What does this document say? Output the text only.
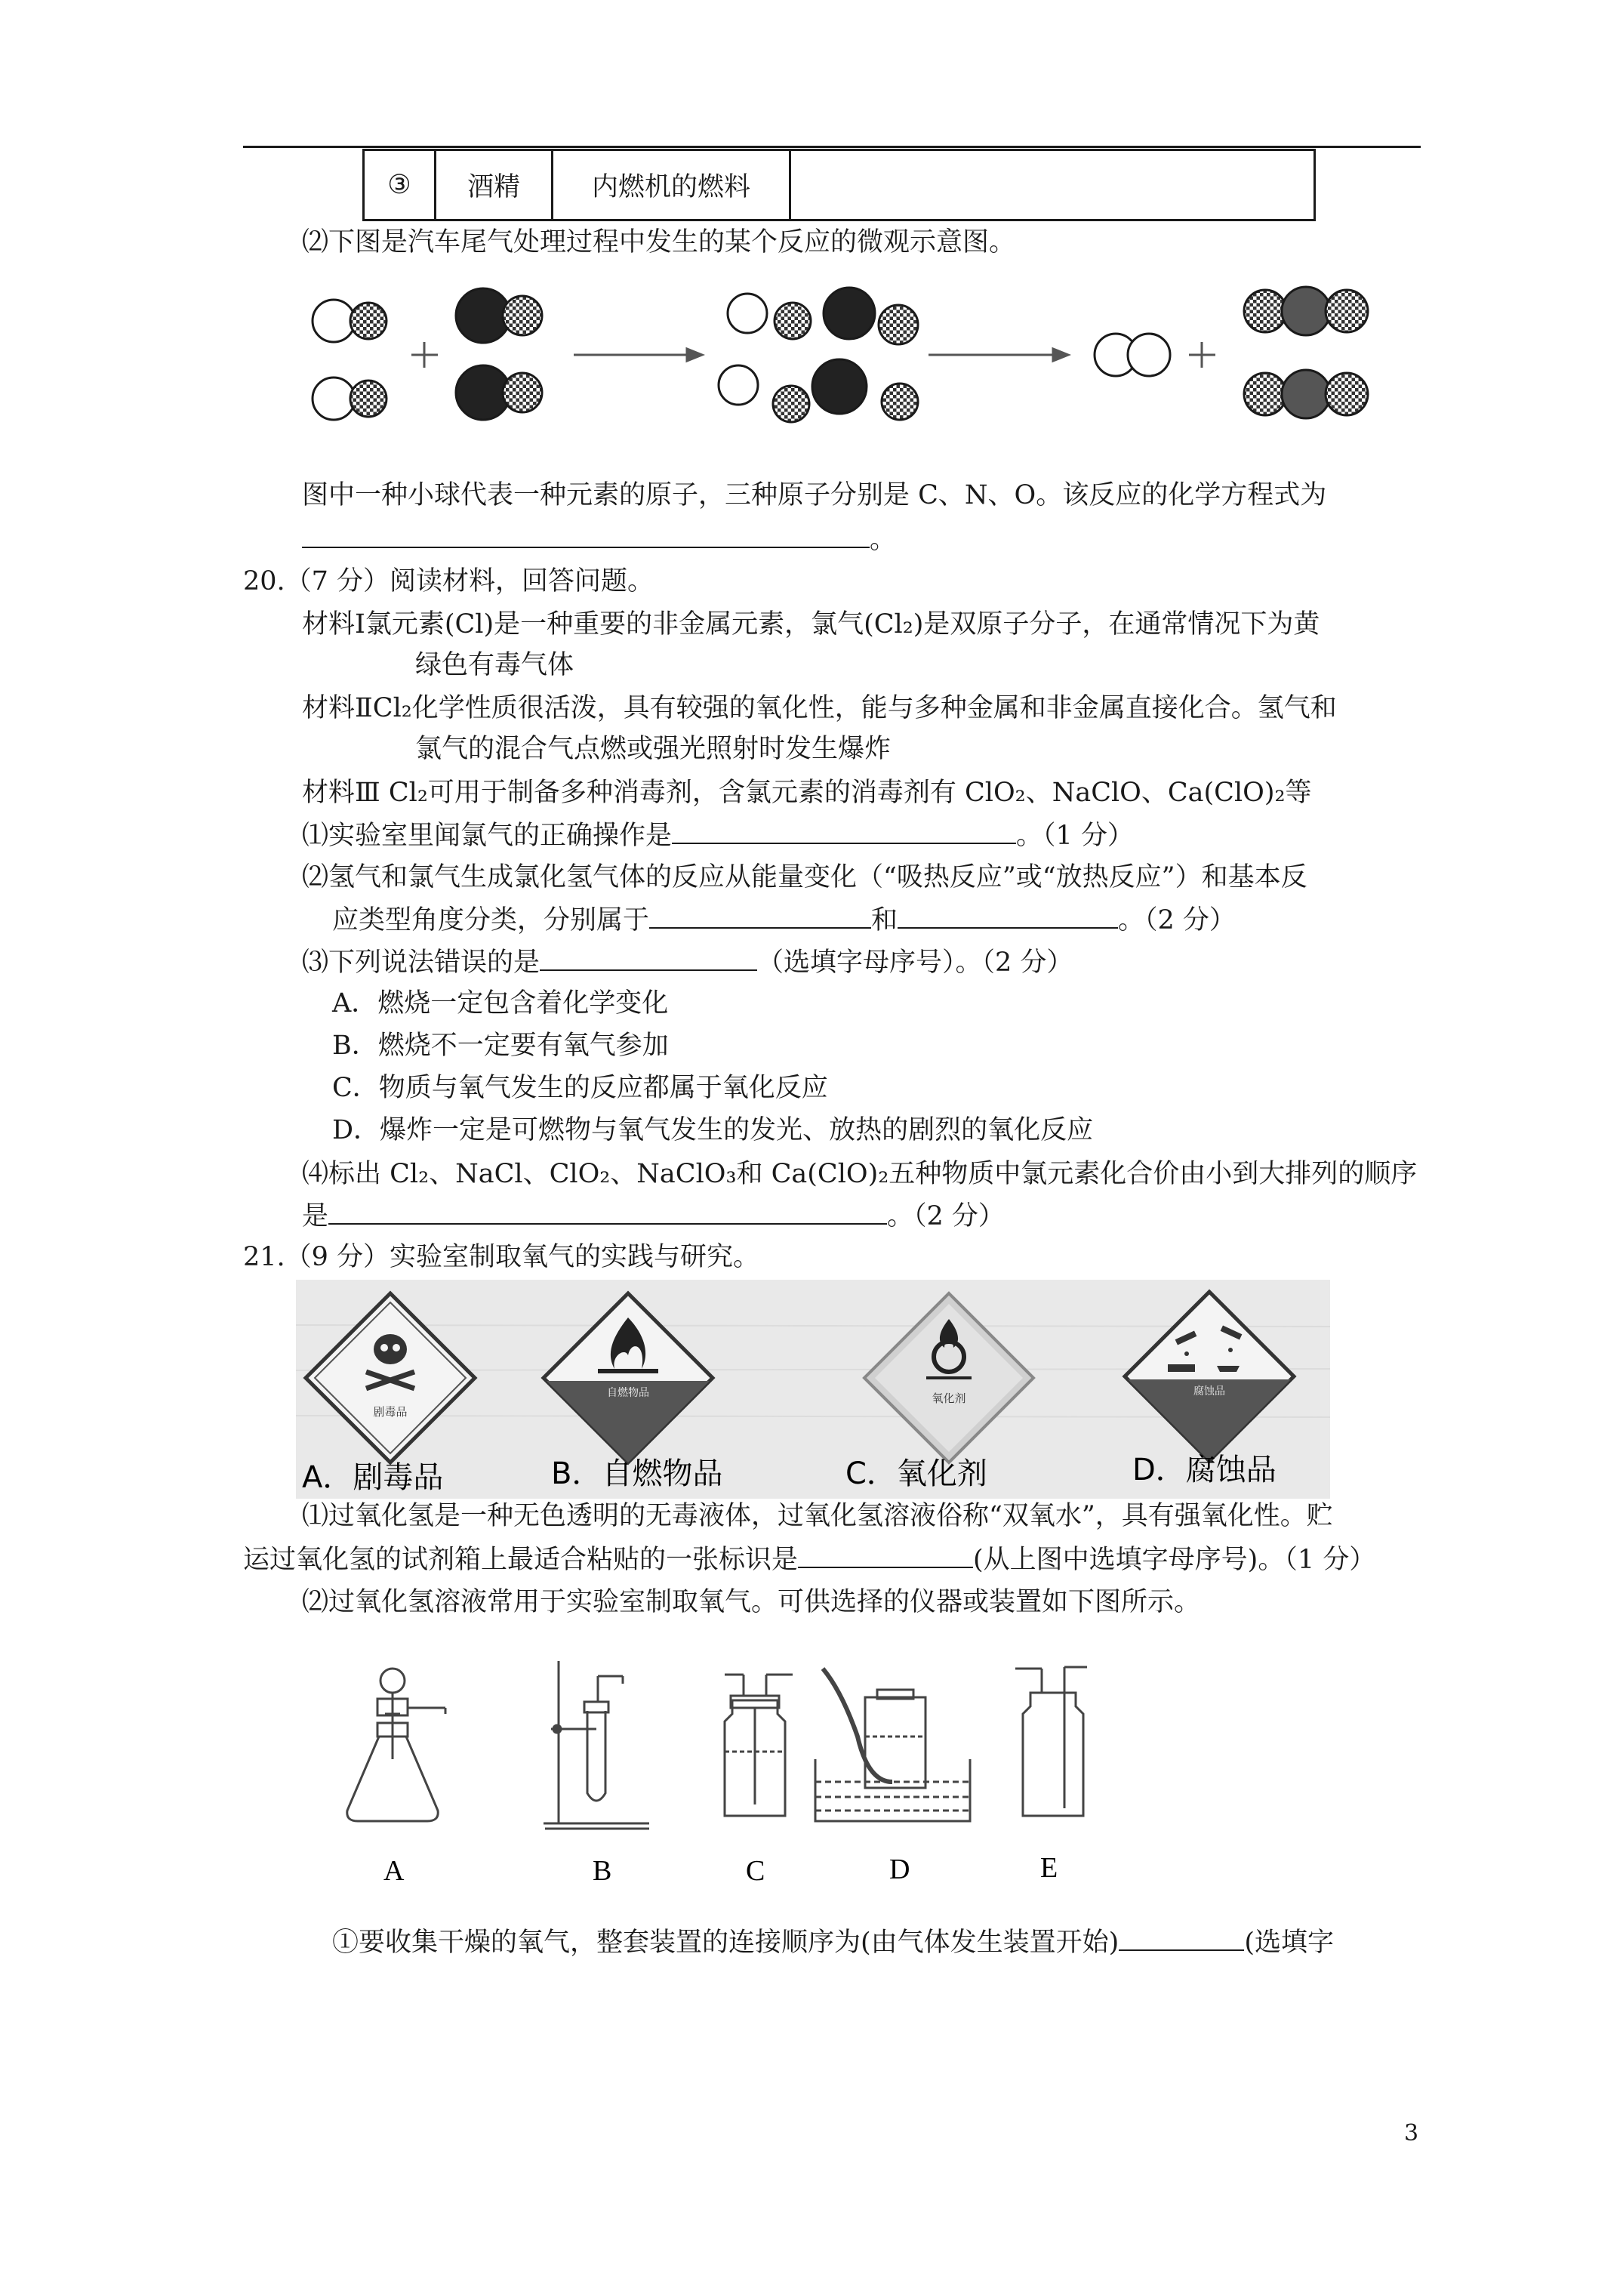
③	酒精	内燃机的燃料	
⑵下图是汽车尾气处理过程中发生的某个反应的微观示意图。
图中一种小球代表一种元素的原子，三种原子分别是 C、N、O。该反应的化学方程式为
。
20.（7 分）阅读材料，回答问题。
材料Ⅰ氯元素(Cl)是一种重要的非金属元素，氯气(Cl₂)是双原子分子，在通常情况下为黄
绿色有毒气体
材料ⅡCl₂化学性质很活泼，具有较强的氧化性，能与多种金属和非金属直接化合。氢气和
氯气的混合气点燃或强光照射时发生爆炸
材料Ⅲ Cl₂可用于制备多种消毒剂，含氯元素的消毒剂有 ClO₂、NaClO、Ca(ClO)₂等
⑴实验室里闻氯气的正确操作是	。（1 分）
⑵氢气和氯气生成氯化氢气体的反应从能量变化（“吸热反应”或“放热反应”）和基本反
应类型角度分类，分别属于	和	。（2 分）
⑶下列说法错误的是	（选填字母序号）。（2 分）
A．燃烧一定包含着化学变化
B．燃烧不一定要有氧气参加
C．物质与氧气发生的反应都属于氧化反应
D．爆炸一定是可燃物与氧气发生的发光、放热的剧烈的氧化反应
⑷标出 Cl₂、NaCl、ClO₂、NaClO₃和 Ca(ClO)₂五种物质中氯元素化合价由小到大排列的顺序
是	。（2 分）
21.（9 分）实验室制取氧气的实践与研究。
剧毒品
自燃物品	氧化剂	腐蚀品
A．剧毒品	B．自燃物品	C．氧化剂	D．腐蚀品
⑴过氧化氢是一种无色透明的无毒液体，过氧化氢溶液俗称“双氧水”，具有强氧化性。贮
运过氧化氢的试剂箱上最适合粘贴的一张标识是	(从上图中选填字母序号)。（1 分）
⑵过氧化氢溶液常用于实验室制取氧气。可供选择的仪器或装置如下图所示。
A	B	C	D	E
①要收集干燥的氧气，整套装置的连接顺序为(由气体发生装置开始)	(选填字
3
